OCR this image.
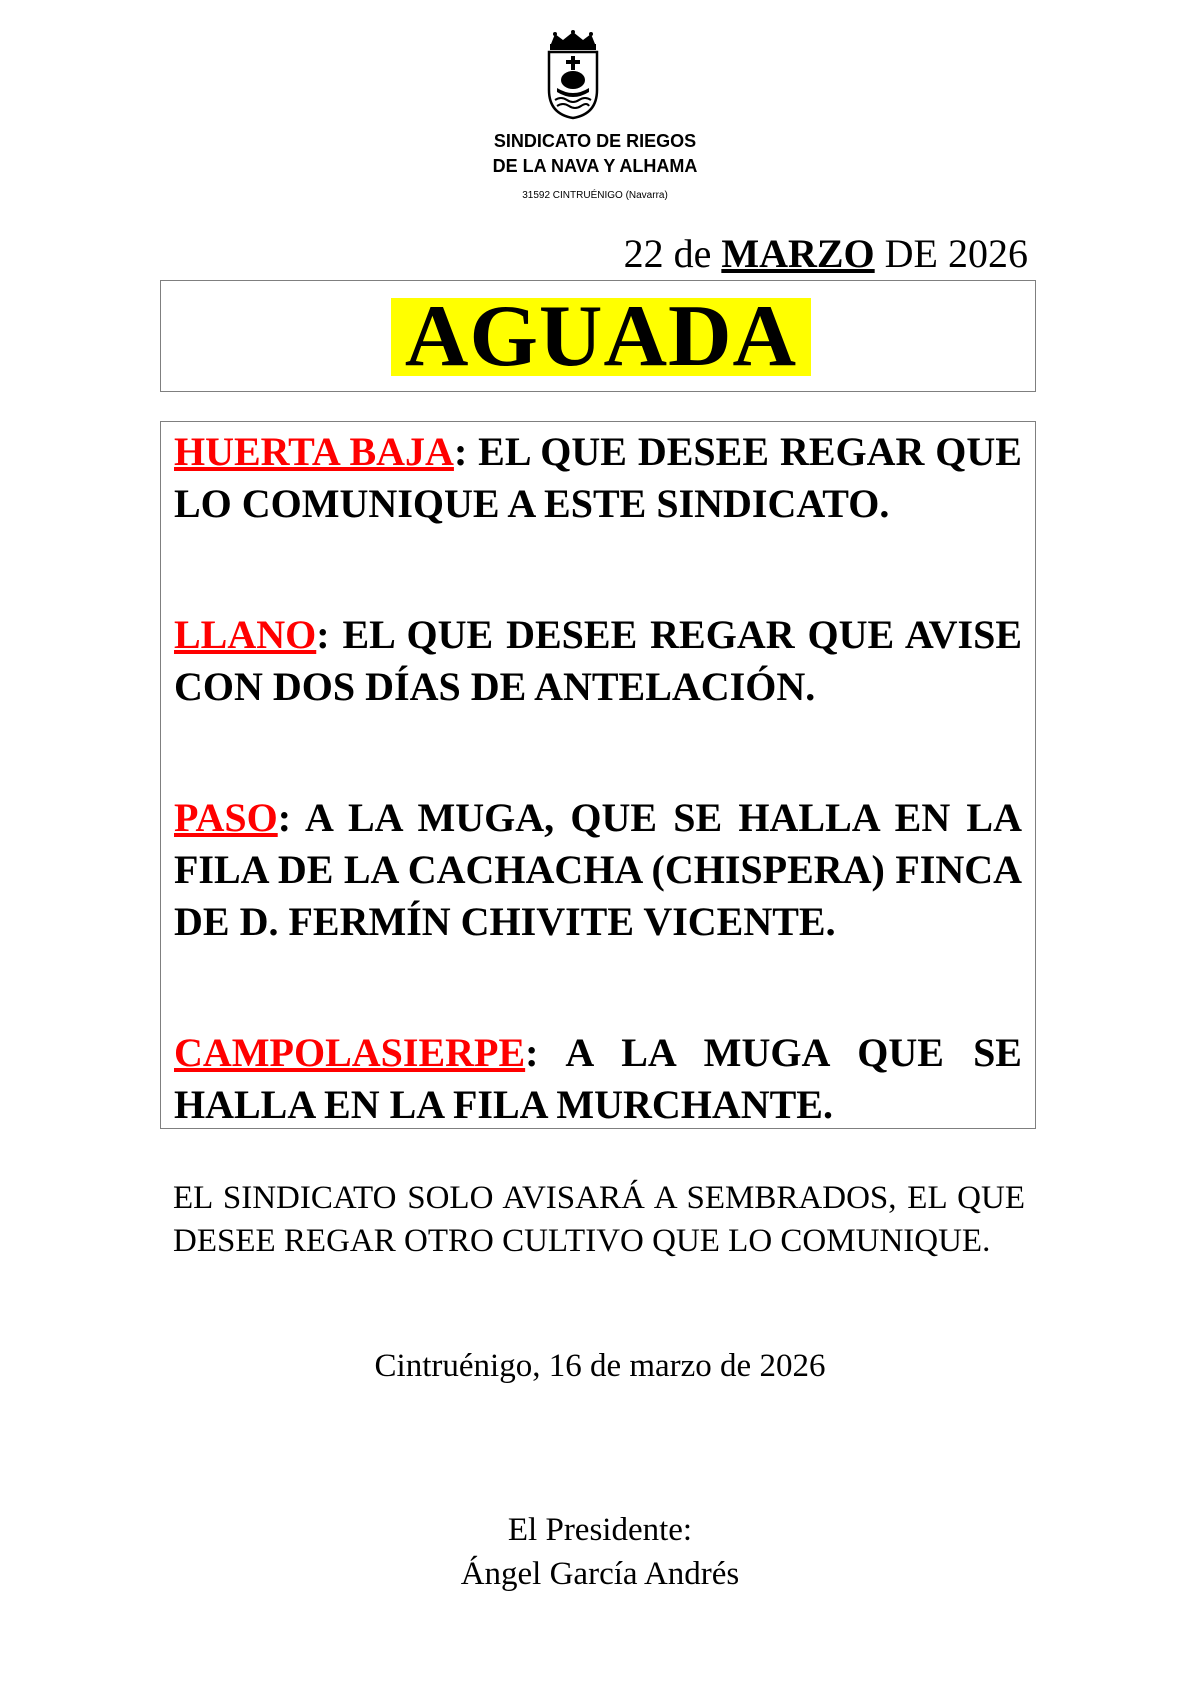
SINDICATO DE RIEGOS
DE LA NAVA Y ALHAMA
31592 CINTRUÉNIGO (Navarra)
22 de MARZO DE 2026
AGUADA
HUERTA BAJA: EL QUE DESEE REGAR QUE LO COMUNIQUE A ESTE SINDICATO.
LLANO: EL QUE DESEE REGAR QUE AVISE CON DOS DÍAS DE ANTELACIÓN.
PASO: A LA MUGA, QUE SE HALLA EN LA FILA DE LA CACHACHA (CHISPERA) FINCA DE D. FERMÍN CHIVITE VICENTE.
CAMPOLASIERPE: A LA MUGA QUE SE HALLA EN LA FILA MURCHANTE.
EL SINDICATO SOLO AVISARÁ A SEMBRADOS, EL QUE DESEE REGAR OTRO CULTIVO QUE LO COMUNIQUE.
Cintruénigo, 16 de marzo de 2026
El Presidente:
Ángel García Andrés
